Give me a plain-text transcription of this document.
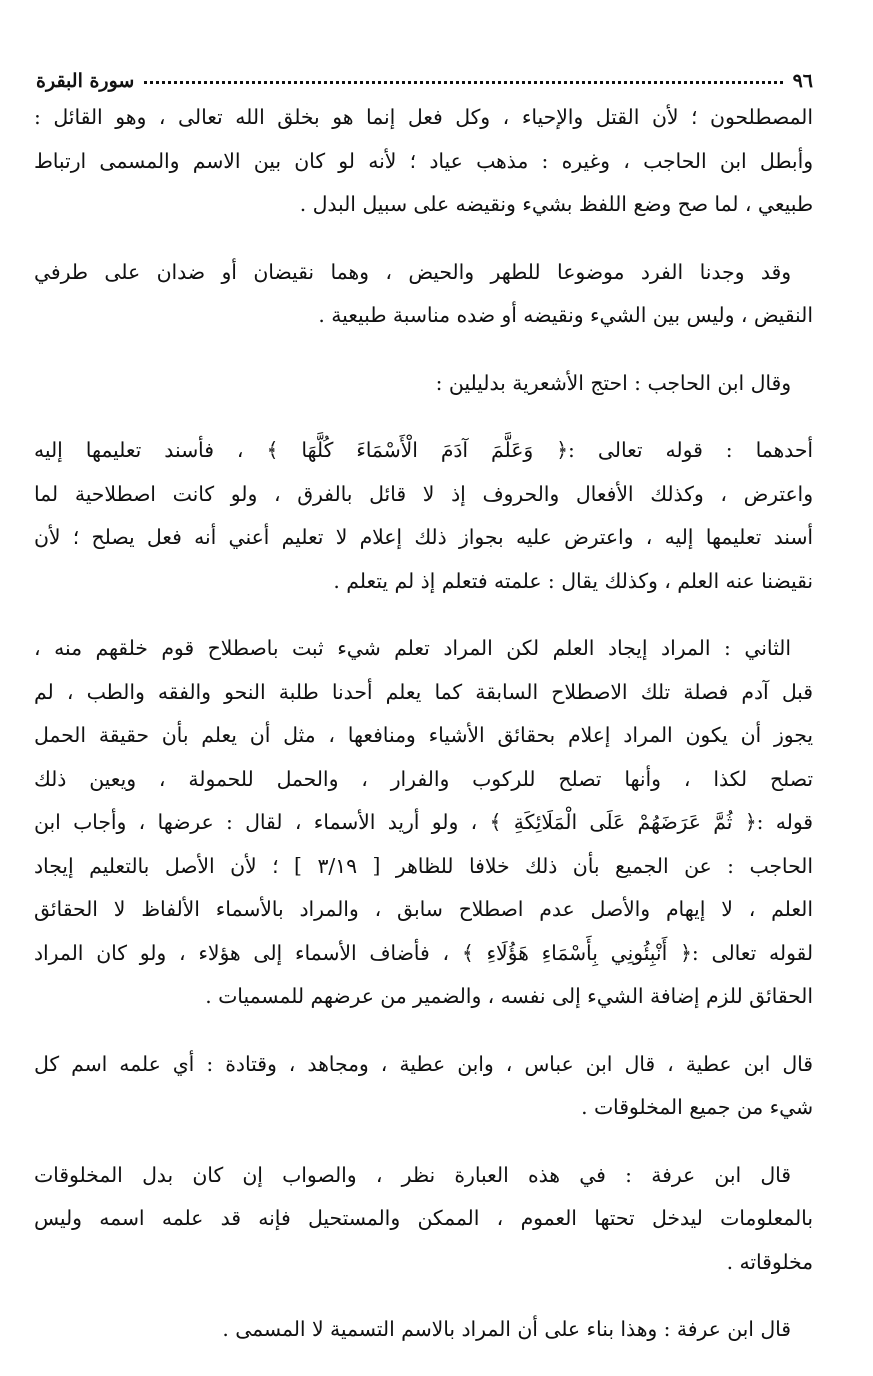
٩٦
سورة البقرة
المصطلحون ؛ لأن القتل والإحياء ، وكل فعل إنما هو بخلق الله تعالى ، وهو القائل :
وأبطل ابن الحاجب ، وغيره : مذهب عياد ؛ لأنه لو كان بين الاسم والمسمى ارتباط
طبيعي ، لما صح وضع اللفظ بشيء ونقيضه على سبيل البدل .
وقد وجدنا الفرد موضوعا للطهر والحيض ، وهما نقيضان أو ضدان على طرفي
النقيض ، وليس بين الشيء ونقيضه أو ضده مناسبة طبيعية .
وقال ابن الحاجب : احتج الأشعرية بدليلين :
أحدهما : قوله تعالى :﴿ وَعَلَّمَ آدَمَ الْأَسْمَاءَ كُلَّهَا ﴾ ، فأسند تعليمها إليه
واعترض ، وكذلك الأفعال والحروف إذ لا قائل بالفرق ، ولو كانت اصطلاحية لما
أسند تعليمها إليه ، واعترض عليه بجواز ذلك إعلام لا تعليم أعني أنه فعل يصلح ؛ لأن
نقيضنا عنه العلم ، وكذلك يقال : علمته فتعلم إذ لم يتعلم .
الثاني : المراد إيجاد العلم لكن المراد تعلم شيء ثبت باصطلاح قوم خلقهم منه ،
قبل آدم فصلة تلك الاصطلاح السابقة كما يعلم أحدنا طلبة النحو والفقه والطب ، لم
يجوز أن يكون المراد إعلام بحقائق الأشياء ومنافعها ، مثل أن يعلم بأن حقيقة الحمل
تصلح لكذا ، وأنها تصلح للركوب والفرار ، والحمل للحمولة ، ويعين ذلك
قوله :﴿ ثُمَّ عَرَضَهُمْ عَلَى الْمَلَائِكَةِ ﴾ ، ولو أريد الأسماء ، لقال : عرضها ، وأجاب ابن
الحاجب : عن الجميع بأن ذلك خلافا للظاهر [ ٣/١٩ ] ؛ لأن الأصل بالتعليم إيجاد
العلم ، لا إيهام والأصل عدم اصطلاح سابق ، والمراد بالأسماء الألفاظ لا الحقائق
لقوله تعالى :﴿ أَنْبِئُونِي بِأَسْمَاءِ هَؤُلَاءِ ﴾ ، فأضاف الأسماء إلى هؤلاء ، ولو كان المراد
الحقائق للزم إضافة الشيء إلى نفسه ، والضمير من عرضهم للمسميات .
قال ابن عطية ، قال ابن عباس ، وابن عطية ، ومجاهد ، وقتادة : أي علمه اسم كل
شيء من جميع المخلوقات .
قال ابن عرفة : في هذه العبارة نظر ، والصواب إن كان بدل المخلوقات
بالمعلومات ليدخل تحتها العموم ، الممكن والمستحيل فإنه قد علمه اسمه وليس
مخلوقاته .
قال ابن عرفة : وهذا بناء على أن المراد بالاسم التسمية لا المسمى .
